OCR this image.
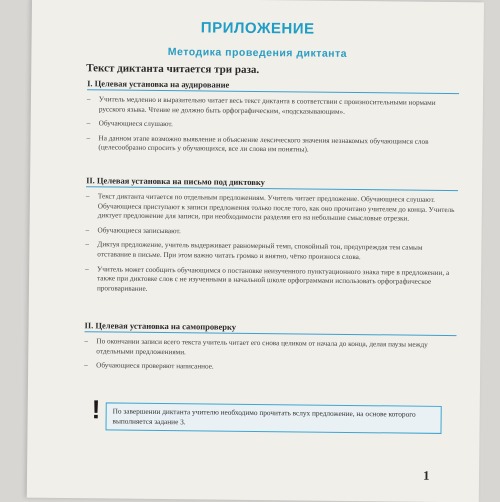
ПРИЛОЖЕНИЕ
Методика проведения диктанта
Текст диктанта читается три раза.
I. Целевая установка на аудирование
– Учитель медленно и выразительно читает весь текст диктанта в соответствии с произносительными нормами русского языка. Чтение не должно быть орфографическим, «подсказывающим».
– Обучающиеся слушают.
– На данном этапе возможно выявление и объяснение лексического значения незнакомых обучающимся слов (целесообразно спросить у обучающихся, все ли слова им понятны).
II. Целевая установка на письмо под диктовку
– Текст диктанта читается по отдельным предложениям. Учитель читает предложение. Обучающиеся слушают. Обучающиеся приступают к записи предложения только после того, как оно прочитано учителем до конца. Учитель диктует предложение для записи, при необходимости разделяя его на небольшие смысловые отрезки.
– Обучающиеся записывают.
– Диктуя предложение, учитель выдерживает равномерный темп, спокойный тон, предупреждая тем самым отставание в письме. При этом важно читать громко и внятно, чётко произнося слова.
– Учитель может сообщить обучающимся о постановке неизученного пунктуационного знака тире в предложении, а также при диктовке слов с не изученными в начальной школе орфограммами использовать орфографическое проговаривание.
II. Целевая установка на самопроверку
– По окончании записи всего текста учитель читает его снова целиком от начала до конца, делая паузы между отдельными предложениями.
– Обучающиеся проверяют написанное.
!	По завершении диктанта учителю необходимо прочитать вслух предложение, на основе которого выполняется задание 3.
1
